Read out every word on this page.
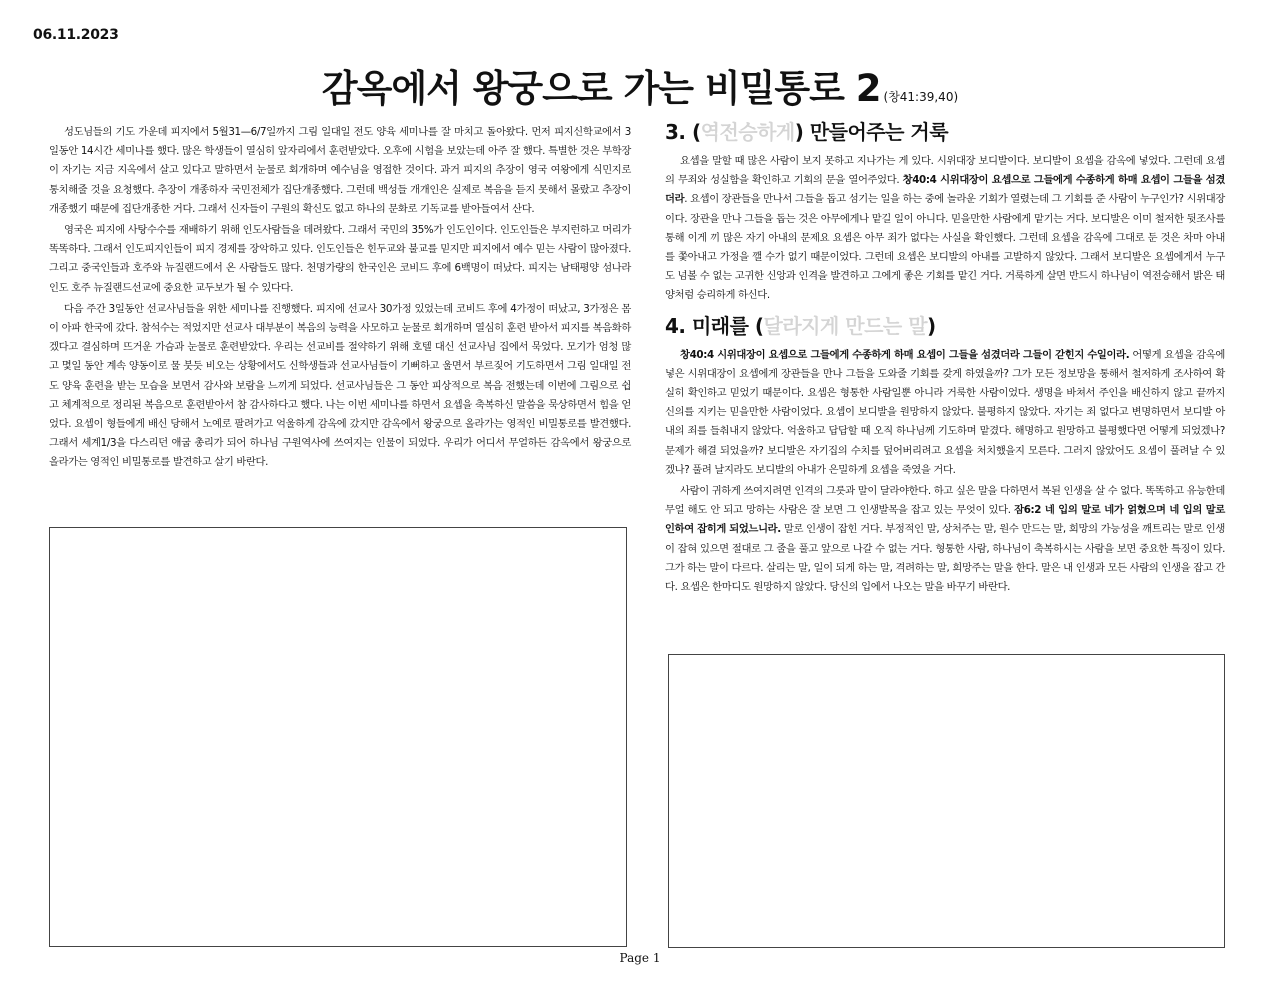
06.11.2023
감옥에서 왕궁으로 가는 비밀통로 2 (창41:39,40)

성도님들의 기도 가운데 피지에서 5월31—6/7일까지 그림 일대일 전도 양육 세미나를 잘 마치고 돌아왔다. 먼저 피지신학교에서 3일동안 14시간 세미나를 했다. 많은 학생들이 열심히 앞자리에서 훈련받았다. 오후에 시험을 보았는데 아주 잘 했다. 특별한 것은 부학장이 자기는 지금 지옥에서 살고 있다고 말하면서 눈물로 회개하며 예수님을 영접한 것이다. 과거 피지의 추장이 영국 여왕에게 식민지로 통치해줄 것을 요청했다. 추장이 개종하자 국민전체가 집단개종했다. 그런데 백성들 개개인은 실제로 복음을 듣지 못해서 몰랐고 추장이 개종했기 때문에 집단개종한 거다. 그래서 신자들이 구원의 확신도 없고 하나의 문화로 기독교를 받아들여서 산다.

영국은 피지에 사탕수수를 재배하기 위해 인도사람들을 데려왔다. 그래서 국민의 35%가 인도인이다. 인도인들은 부지런하고 머리가 똑똑하다. 그래서 인도피지인들이 피지 경제를 장악하고 있다. 인도인들은 힌두교와 불교를 믿지만 피지에서 예수 믿는 사람이 많아졌다. 그리고 중국인들과 호주와 뉴질랜드에서 온 사람들도 많다. 천명가량의 한국인은 코비드 후에 6백명이 떠났다. 피지는 남태평양 섬나라 인도 호주 뉴질랜드선교에 중요한 교두보가 될 수 있다다.

다음 주간 3일동안 선교사님들을 위한 세미나를 진행했다. 피지에 선교사 30가정 있었는데 코비드 후에 4가정이 떠났고, 3가정은 몸이 아파 한국에 갔다. 참석수는 적었지만 선교사 대부분이 복음의 능력을 사모하고 눈물로 회개하며 열심히 훈련 받아서 피지를 복음화하겠다고 결심하며 뜨거운 가슴과 눈물로 훈련받았다. 우리는 선교비를 절약하기 위해 호텔 대신 선교사님 집에서 묵었다. 모기가 엄청 많고 몇일 동안 계속 양동이로 물 붓듯 비오는 상황에서도 신학생들과 선교사님들이 기뻐하고 울면서 부르짖어 기도하면서 그림 일대일 전도 양육 훈련을 받는 모습을 보면서 감사와 보람을 느끼게 되었다. 선교사님들은 그 동안 피상적으로 복음 전했는데 이번에 그림으로 쉽고 체계적으로 정리된 복음으로 훈련받아서 참 감사하다고 했다. 나는 이번 세미나를 하면서 요셉을 축복하신 말씀을 묵상하면서 힘을 얻었다. 요셉이 형들에게 배신 당해서 노예로 팔려가고 억울하게 감옥에 갔지만 감옥에서 왕궁으로 올라가는 영적인 비밀통로를 발견했다. 그래서 세계1/3을 다스리던 애굽 총리가 되어 하나님 구원역사에 쓰여지는 인물이 되었다. 우리가 어디서 무얼하든 감옥에서 왕궁으로 올라가는 영적인 비밀통로를 발견하고 살기 바란다.

3. (역전승하게) 만들어주는 거룩

요셉을 말할 때 많은 사람이 보지 못하고 지나가는 게 있다. 시위대장 보디발이다. 보디발이 요셉을 감옥에 넣었다. 그런데 요셉의 무죄와 성실함을 확인하고 기회의 문을 열어주었다. 창40:4 시위대장이 요셉으로 그들에게 수종하게 하매 요셉이 그들을 섬겼더라. 요셉이 장관들을 만나서 그들을 돕고 섬기는 일을 하는 중에 놀라운 기회가 열렸는데 그 기회를 준 사람이 누구인가? 시위대장이다. 장관을 만나 그들을 돕는 것은 아무에게나 맡길 일이 아니다. 믿을만한 사람에게 맡기는 거다. 보디발은 이미 철저한 뒷조사를 통해 이게 끼 많은 자기 아내의 문제요 요셉은 아무 죄가 없다는 사실을 확인했다. 그런데 요셉을 감옥에 그대로 둔 것은 차마 아내를 쫓아내고 가정을 깰 수가 없기 때문이었다. 그런데 요셉은 보디발의 아내를 고발하지 않았다. 그래서 보디발은 요셉에게서 누구도 넘볼 수 없는 고귀한 신앙과 인격을 발견하고 그에게 좋은 기회를 맡긴 거다. 거룩하게 살면 반드시 하나님이 역전승해서 밝은 태양처럼 승리하게 하신다.

4. 미래를 (달라지게 만드는 말)

창40:4 시위대장이 요셉으로 그들에게 수종하게 하매 요셉이 그들을 섬겼더라 그들이 갇힌지 수일이라. 어떻게 요셉을 감옥에 넣은 시위대장이 요셉에게 장관들을 만나 그들을 도와줄 기회를 갖게 하였을까? 그가 모든 정보망을 통해서 철저하게 조사하여 확실히 확인하고 믿었기 때문이다. 요셉은 형통한 사람일뿐 아니라 거룩한 사람이었다. 생명을 바쳐서 주인을 배신하지 않고 끝까지 신의를 지키는 믿을만한 사람이었다. 요셉이 보디발을 원망하지 않았다. 불평하지 않았다. 자기는 죄 없다고 변명하면서 보디발 아내의 죄를 들춰내지 않았다. 억울하고 답답할 때 오직 하나님께 기도하며 맡겼다. 해명하고 원망하고 불평했다면 어떻게 되었겠나? 문제가 해결 되었을까? 보디발은 자기집의 수치를 덮어버리려고 요셉을 처치했을지 모른다. 그러지 않았어도 요셉이 풀려날 수 있겠나? 풀려 날지라도 보디발의 아내가 은밀하게 요셉을 죽였을 거다.

사람이 귀하게 쓰여지려면 인격의 그릇과 말이 달라야한다. 하고 싶은 말을 다하면서 복된 인생을 살 수 없다. 똑똑하고 유능한데 무얼 해도 안 되고 망하는 사람은 잘 보면 그 인생발목을 잡고 있는 무엇이 있다. 잠6:2 네 입의 말로 네가 얽혔으며 네 입의 말로 인하여 잡히게 되었느니라. 말로 인생이 잡힌 거다. 부정적인 말, 상처주는 말, 원수 만드는 말, 희망의 가능성을 깨트리는 말로 인생이 잡혀 있으면 절대로 그 줄을 풀고 앞으로 나갈 수 없는 거다. 형통한 사람, 하나님이 축복하시는 사람을 보면 중요한 특징이 있다. 그가 하는 말이 다르다. 살리는 말, 일이 되게 하는 말, 격려하는 말, 희망주는 말을 한다. 말은 내 인생과 모든 사람의 인생을 잡고 간다. 요셉은 한마디도 원망하지 않았다. 당신의 입에서 나오는 말을 바꾸기 바란다.

Page 1
